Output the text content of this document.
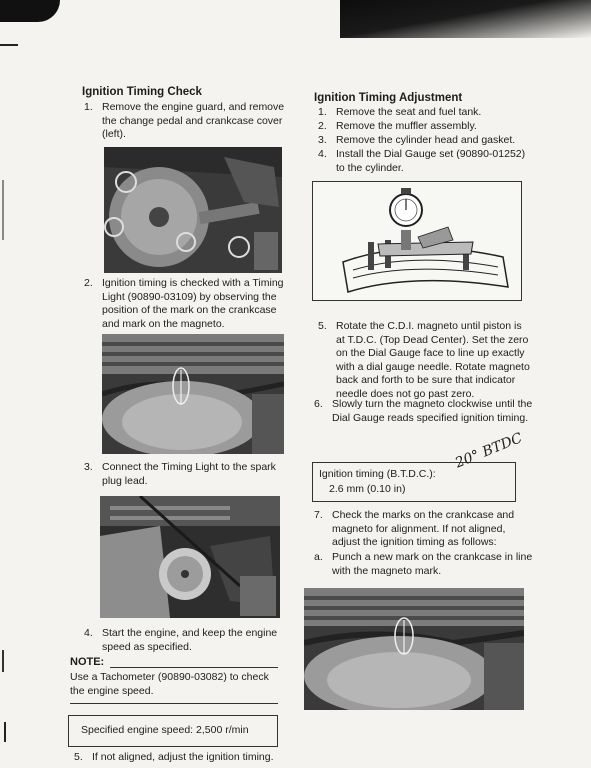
Ignition Timing Check
1. Remove the engine guard, and remove the change pedal and crankcase cover (left).
2. Ignition timing is checked with a Timing Light (90890-03109) by observing the position of the mark on the crankcase and mark on the magneto.
3. Connect the Timing Light to the spark plug lead.
4. Start the engine, and keep the engine speed as specified.
NOTE:
Use a Tachometer (90890-03082) to check the engine speed.
Specified engine speed: 2,500 r/min
5. If not aligned, adjust the ignition timing.
Ignition Timing Adjustment
1. Remove the seat and fuel tank.
2. Remove the muffler assembly.
3. Remove the cylinder head and gasket.
4. Install the Dial Gauge set (90890-01252) to the cylinder.
5. Rotate the C.D.I. magneto until piston is at T.D.C. (Top Dead Center). Set the zero on the Dial Gauge face to line up exactly with a dial gauge needle. Rotate magneto back and forth to be sure that indicator needle does not go past zero.
6. Slowly turn the magneto clockwise until the Dial Gauge reads specified ignition timing.
Ignition timing (B.T.D.C.):
2.6 mm (0.10 in)
20° BTDC
7. Check the marks on the crankcase and magneto for alignment. If not aligned, adjust the ignition timing as follows:
a. Punch a new mark on the crankcase in line with the magneto mark.
